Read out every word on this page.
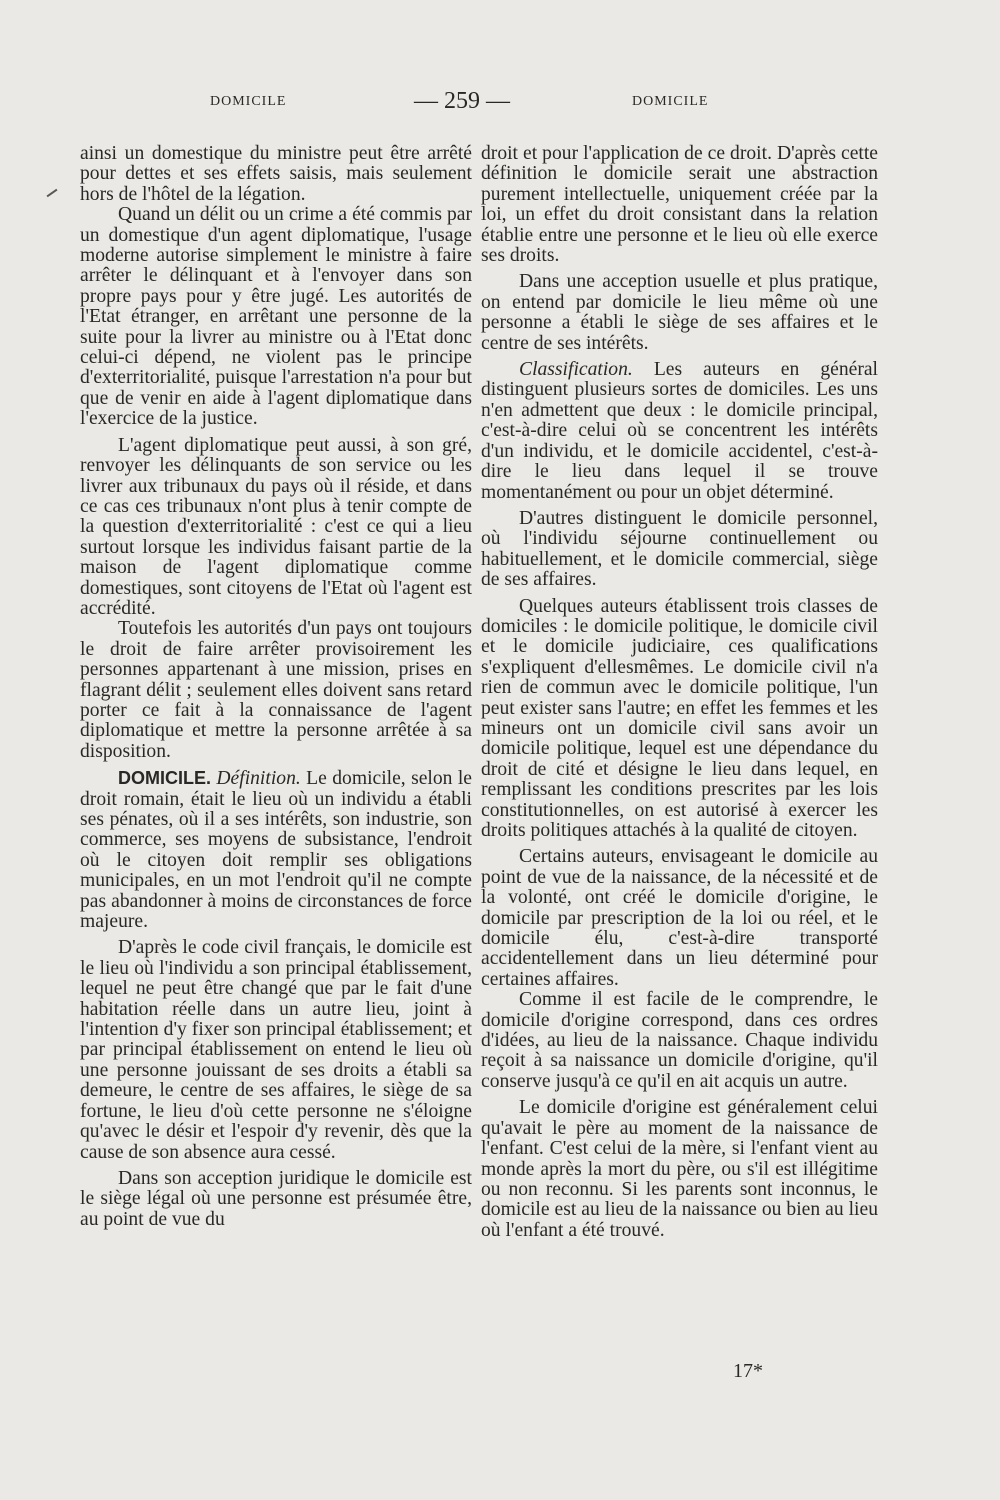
DOMICILE	— 259 —	DOMICILE

ainsi un domestique du ministre peut être arrêté pour dettes et ses effets saisis, mais seulement hors de l'hôtel de la légation.

Quand un délit ou un crime a été commis par un domestique d'un agent diplomatique, l'usage moderne autorise simplement le ministre à faire arrêter le délinquant et à l'envoyer dans son propre pays pour y être jugé. Les autorités de l'Etat étranger, en arrêtant une personne de la suite pour la livrer au ministre ou à l'Etat donc celui-ci dépend, ne violent pas le principe d'exterritorialité, puisque l'arrestation n'a pour but que de venir en aide à l'agent diplomatique dans l'exercice de la justice.

L'agent diplomatique peut aussi, à son gré, renvoyer les délinquants de son service ou les livrer aux tribunaux du pays où il réside, et dans ce cas ces tribunaux n'ont plus à tenir compte de la question d'exterritorialité : c'est ce qui a lieu surtout lorsque les individus faisant partie de la maison de l'agent diplomatique comme domestiques, sont citoyens de l'Etat où l'agent est accrédité.

Toutefois les autorités d'un pays ont toujours le droit de faire arrêter provisoirement les personnes appartenant à une mission, prises en flagrant délit ; seulement elles doivent sans retard porter ce fait à la connaissance de l'agent diplomatique et mettre la personne arrêtée à sa disposition.

DOMICILE. Définition. Le domicile, selon le droit romain, était le lieu où un individu a établi ses pénates, où il a ses intérêts, son industrie, son commerce, ses moyens de subsistance, l'endroit où le citoyen doit remplir ses obligations municipales, en un mot l'endroit qu'il ne compte pas abandonner à moins de circonstances de force majeure.

D'après le code civil français, le domicile est le lieu où l'individu a son principal établissement, lequel ne peut être changé que par le fait d'une habitation réelle dans un autre lieu, joint à l'intention d'y fixer son principal établissement; et par principal établissement on entend le lieu où une personne jouissant de ses droits a établi sa demeure, le centre de ses affaires, le siège de sa fortune, le lieu d'où cette personne ne s'éloigne qu'avec le désir et l'espoir d'y revenir, dès que la cause de son absence aura cessé.

Dans son acception juridique le domicile est le siège légal où une personne est présumée être, au point de vue du

droit et pour l'application de ce droit. D'après cette définition le domicile serait une abstraction purement intellectuelle, uniquement créée par la loi, un effet du droit consistant dans la relation établie entre une personne et le lieu où elle exerce ses droits.

Dans une acception usuelle et plus pratique, on entend par domicile le lieu même où une personne a établi le siège de ses affaires et le centre de ses intérêts.

Classification. Les auteurs en général distinguent plusieurs sortes de domiciles. Les uns n'en admettent que deux : le domicile principal, c'est-à-dire celui où se concentrent les intérêts d'un individu, et le domicile accidentel, c'est-à-dire le lieu dans lequel il se trouve momentanément ou pour un objet déterminé.

D'autres distinguent le domicile personnel, où l'individu séjourne continuellement ou habituellement, et le domicile commercial, siège de ses affaires.

Quelques auteurs établissent trois classes de domiciles : le domicile politique, le domicile civil et le domicile judiciaire, ces qualifications s'expliquent d'ellesmêmes. Le domicile civil n'a rien de commun avec le domicile politique, l'un peut exister sans l'autre; en effet les femmes et les mineurs ont un domicile civil sans avoir un domicile politique, lequel est une dépendance du droit de cité et désigne le lieu dans lequel, en remplissant les conditions prescrites par les lois constitutionnelles, on est autorisé à exercer les droits politiques attachés à la qualité de citoyen.

Certains auteurs, envisageant le domicile au point de vue de la naissance, de la nécessité et de la volonté, ont créé le domicile d'origine, le domicile par prescription de la loi ou réel, et le domicile élu, c'est-à-dire transporté accidentellement dans un lieu déterminé pour certaines affaires.

Comme il est facile de le comprendre, le domicile d'origine correspond, dans ces ordres d'idées, au lieu de la naissance. Chaque individu reçoit à sa naissance un domicile d'origine, qu'il conserve jusqu'à ce qu'il en ait acquis un autre.

Le domicile d'origine est généralement celui qu'avait le père au moment de la naissance de l'enfant. C'est celui de la mère, si l'enfant vient au monde après la mort du père, ou s'il est illégitime ou non reconnu. Si les parents sont inconnus, le domicile est au lieu de la naissance ou bien au lieu où l'enfant a été trouvé.

17*
